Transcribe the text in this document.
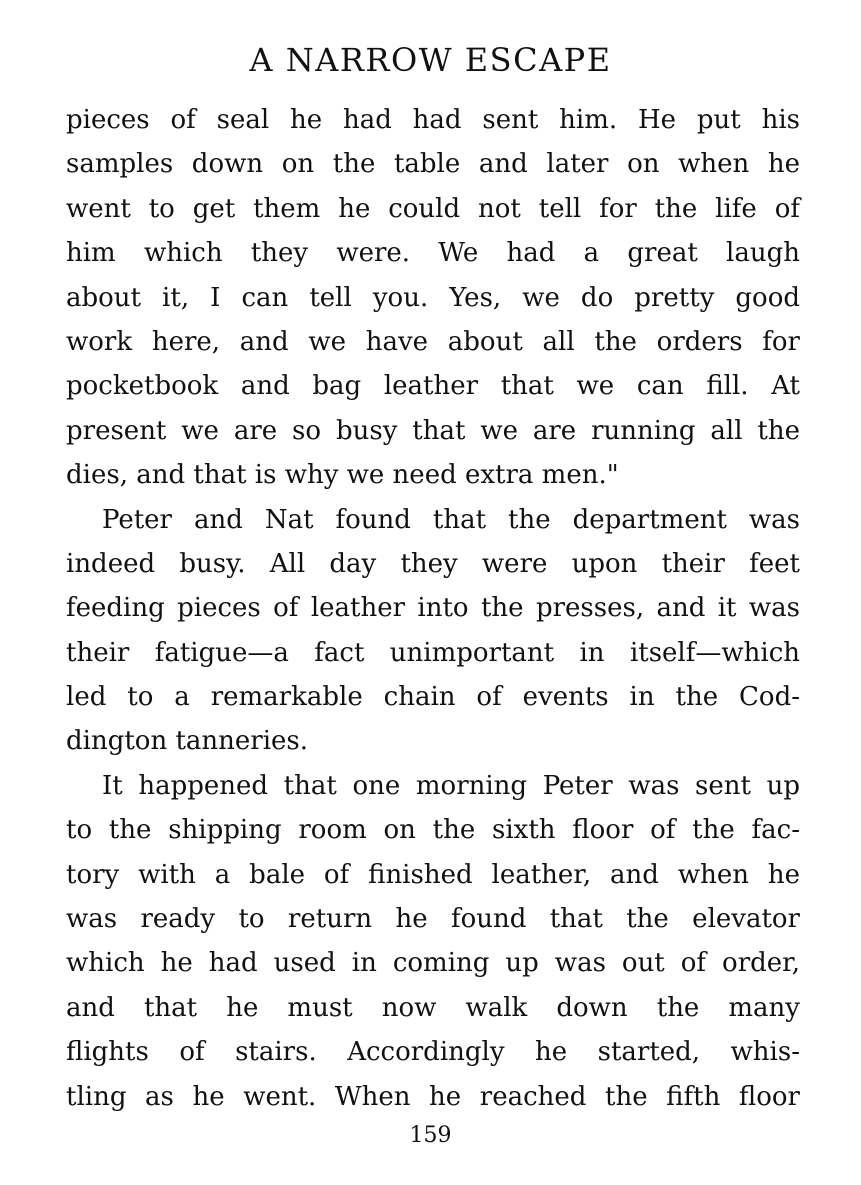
A NARROW ESCAPE
pieces of seal he had had sent him. He put his
samples down on the table and later on when he
went to get them he could not tell for the life of
him which they were. We had a great laugh
about it, I can tell you. Yes, we do pretty good
work here, and we have about all the orders for
pocketbook and bag leather that we can fill. At
present we are so busy that we are running all the
dies, and that is why we need extra men."
Peter and Nat found that the department was
indeed busy. All day they were upon their feet
feeding pieces of leather into the presses, and it was
their fatigue—a fact unimportant in itself—which
led to a remarkable chain of events in the Cod-
dington tanneries.
It happened that one morning Peter was sent up
to the shipping room on the sixth floor of the fac-
tory with a bale of finished leather, and when he
was ready to return he found that the elevator
which he had used in coming up was out of order,
and that he must now walk down the many
flights of stairs. Accordingly he started, whis-
tling as he went. When he reached the fifth floor
159
